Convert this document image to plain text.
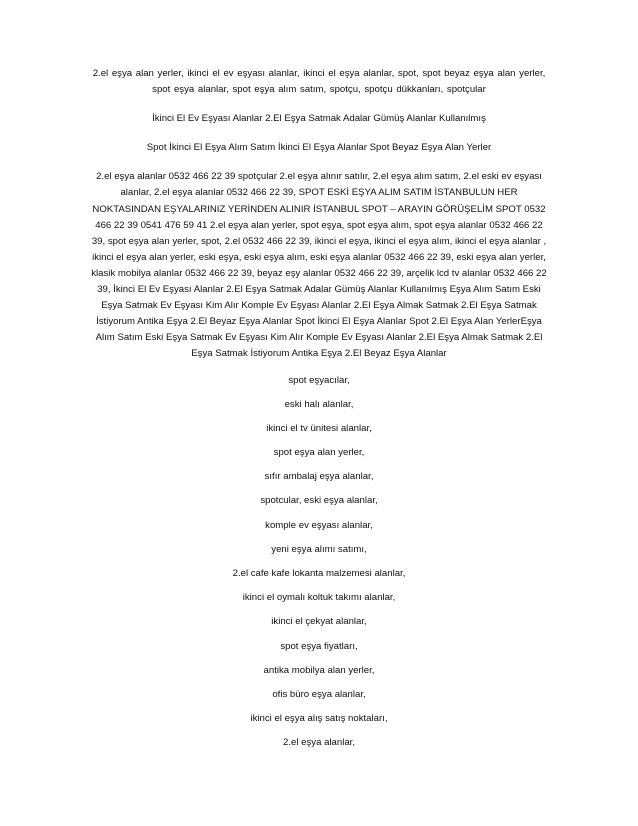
2.el eşya alan yerler, ikinci el ev eşyası alanlar, ikinci el eşya alanlar, spot, spot beyaz eşya alan yerler, spot eşya alanlar, spot eşya alım satım, spotçu, spotçu dükkanları, spotçular

İkinci El Ev Eşyası Alanlar 2.El Eşya Satmak Adalar Gümüş Alanlar Kullanılmış

Spot İkinci El Eşya Alım Satım İkinci El Eşya Alanlar Spot Beyaz Eşya Alan Yerler

2.el eşya alanlar 0532 466 22 39 spotçular 2.el eşya alınır satılır, 2.el eşya alım satım, 2.el eski ev eşyası alanlar, 2.el eşya alanlar 0532 466 22 39, SPOT ESKİ EŞYA ALIM SATIM İSTANBULUN HER NOKTASINDAN EŞYALARINIZ YERİNDEN ALINIR İSTANBUL SPOT – ARAYIN GÖRÜŞELİM SPOT 0532 466 22 39 0541 476 59 41 2.el eşya alan yerler, spot eşya, spot eşya alım, spot eşya alanlar 0532 466 22 39, spot eşya alan yerler, spot, 2.el 0532 466 22 39, ikinci el eşya, ikinci el eşya alım, ikinci el eşya alanlar , ikinci el eşya alan yerler, eski eşya, eski eşya alım, eski eşya alanlar 0532 466 22 39, eski eşya alan yerler, klasik mobilya alanlar 0532 466 22 39, beyaz eşy alanlar 0532 466 22 39, arçelik lcd tv alanlar 0532 466 22 39, İkinci El Ev Eşyası Alanlar 2.El Eşya Satmak Adalar Gümüş Alanlar Kullanılmış Eşya Alım Satım Eski Eşya Satmak Ev Eşyası Kim Alır Komple Ev Eşyası Alanlar 2.El Eşya Almak Satmak 2.El Eşya Satmak İstiyorum Antika Eşya 2.El Beyaz Eşya Alanlar Spot İkinci El Eşya Alanlar Spot 2.El Eşya Alan YerlerEşya Alım Satım Eski Eşya Satmak Ev Eşyası Kim Alır Komple Ev Eşyası Alanlar 2.El Eşya Almak Satmak 2.El Eşya Satmak İstiyorum Antika Eşya 2.El Beyaz Eşya Alanlar

spot eşyacılar,
eski halı alanlar,
ikinci el tv ünitesi alanlar,
spot eşya alan yerler,
sıfır ambalaj eşya alanlar,
spotcular, eski eşya alanlar,
komple ev eşyası alanlar,
yeni eşya alımı satımı,
2.el cafe kafe lokanta malzemesi alanlar,
ikinci el oymalı koltuk takımı alanlar,
ikinci el çekyat alanlar,
spot eşya fiyatları,
antika mobilya alan yerler,
ofis büro eşya alanlar,
ikinci el eşya alış satış noktaları,
2.el eşya alanlar,
